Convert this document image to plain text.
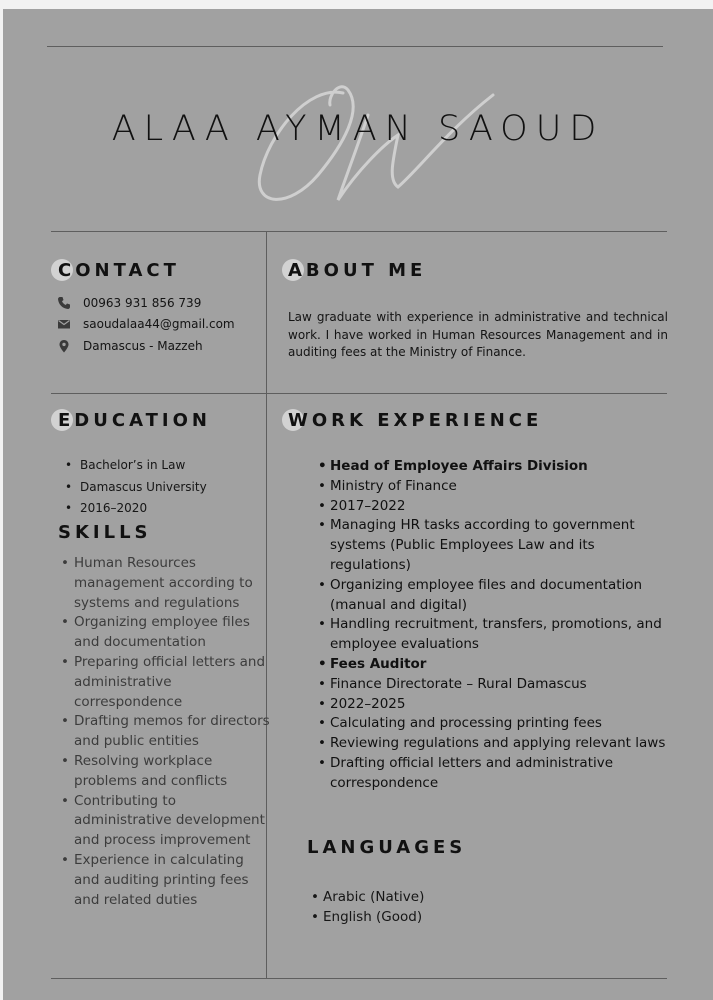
OM
ALAA AYMAN SAOUD
CONTACT
00963 931 856 739
saoudalaa44@gmail.com
Damascus - Mazzeh
ABOUT ME

Law graduate with experience in administrative and technical work. I have worked in Human Resources Management and in auditing fees at the Ministry of Finance.

EDUCATION
• Bachelor’s in Law
• Damascus University
• 2016–2020
SKILLS
• Human Resources management according to systems and regulations
• Organizing employee files and documentation
• Preparing official letters and administrative correspondence
• Drafting memos for directors and public entities
• Resolving workplace problems and conflicts
• Contributing to administrative development and process improvement
• Experience in calculating and auditing printing fees and related duties
WORK EXPERIENCE
• Head of Employee Affairs Division
• Ministry of Finance
• 2017–2022
• Managing HR tasks according to government systems (Public Employees Law and its regulations)
• Organizing employee files and documentation (manual and digital)
• Handling recruitment, transfers, promotions, and employee evaluations
• Fees Auditor
• Finance Directorate – Rural Damascus
• 2022–2025
• Calculating and processing printing fees
• Reviewing regulations and applying relevant laws
• Drafting official letters and administrative correspondence
LANGUAGES
• Arabic (Native)
• English (Good)
